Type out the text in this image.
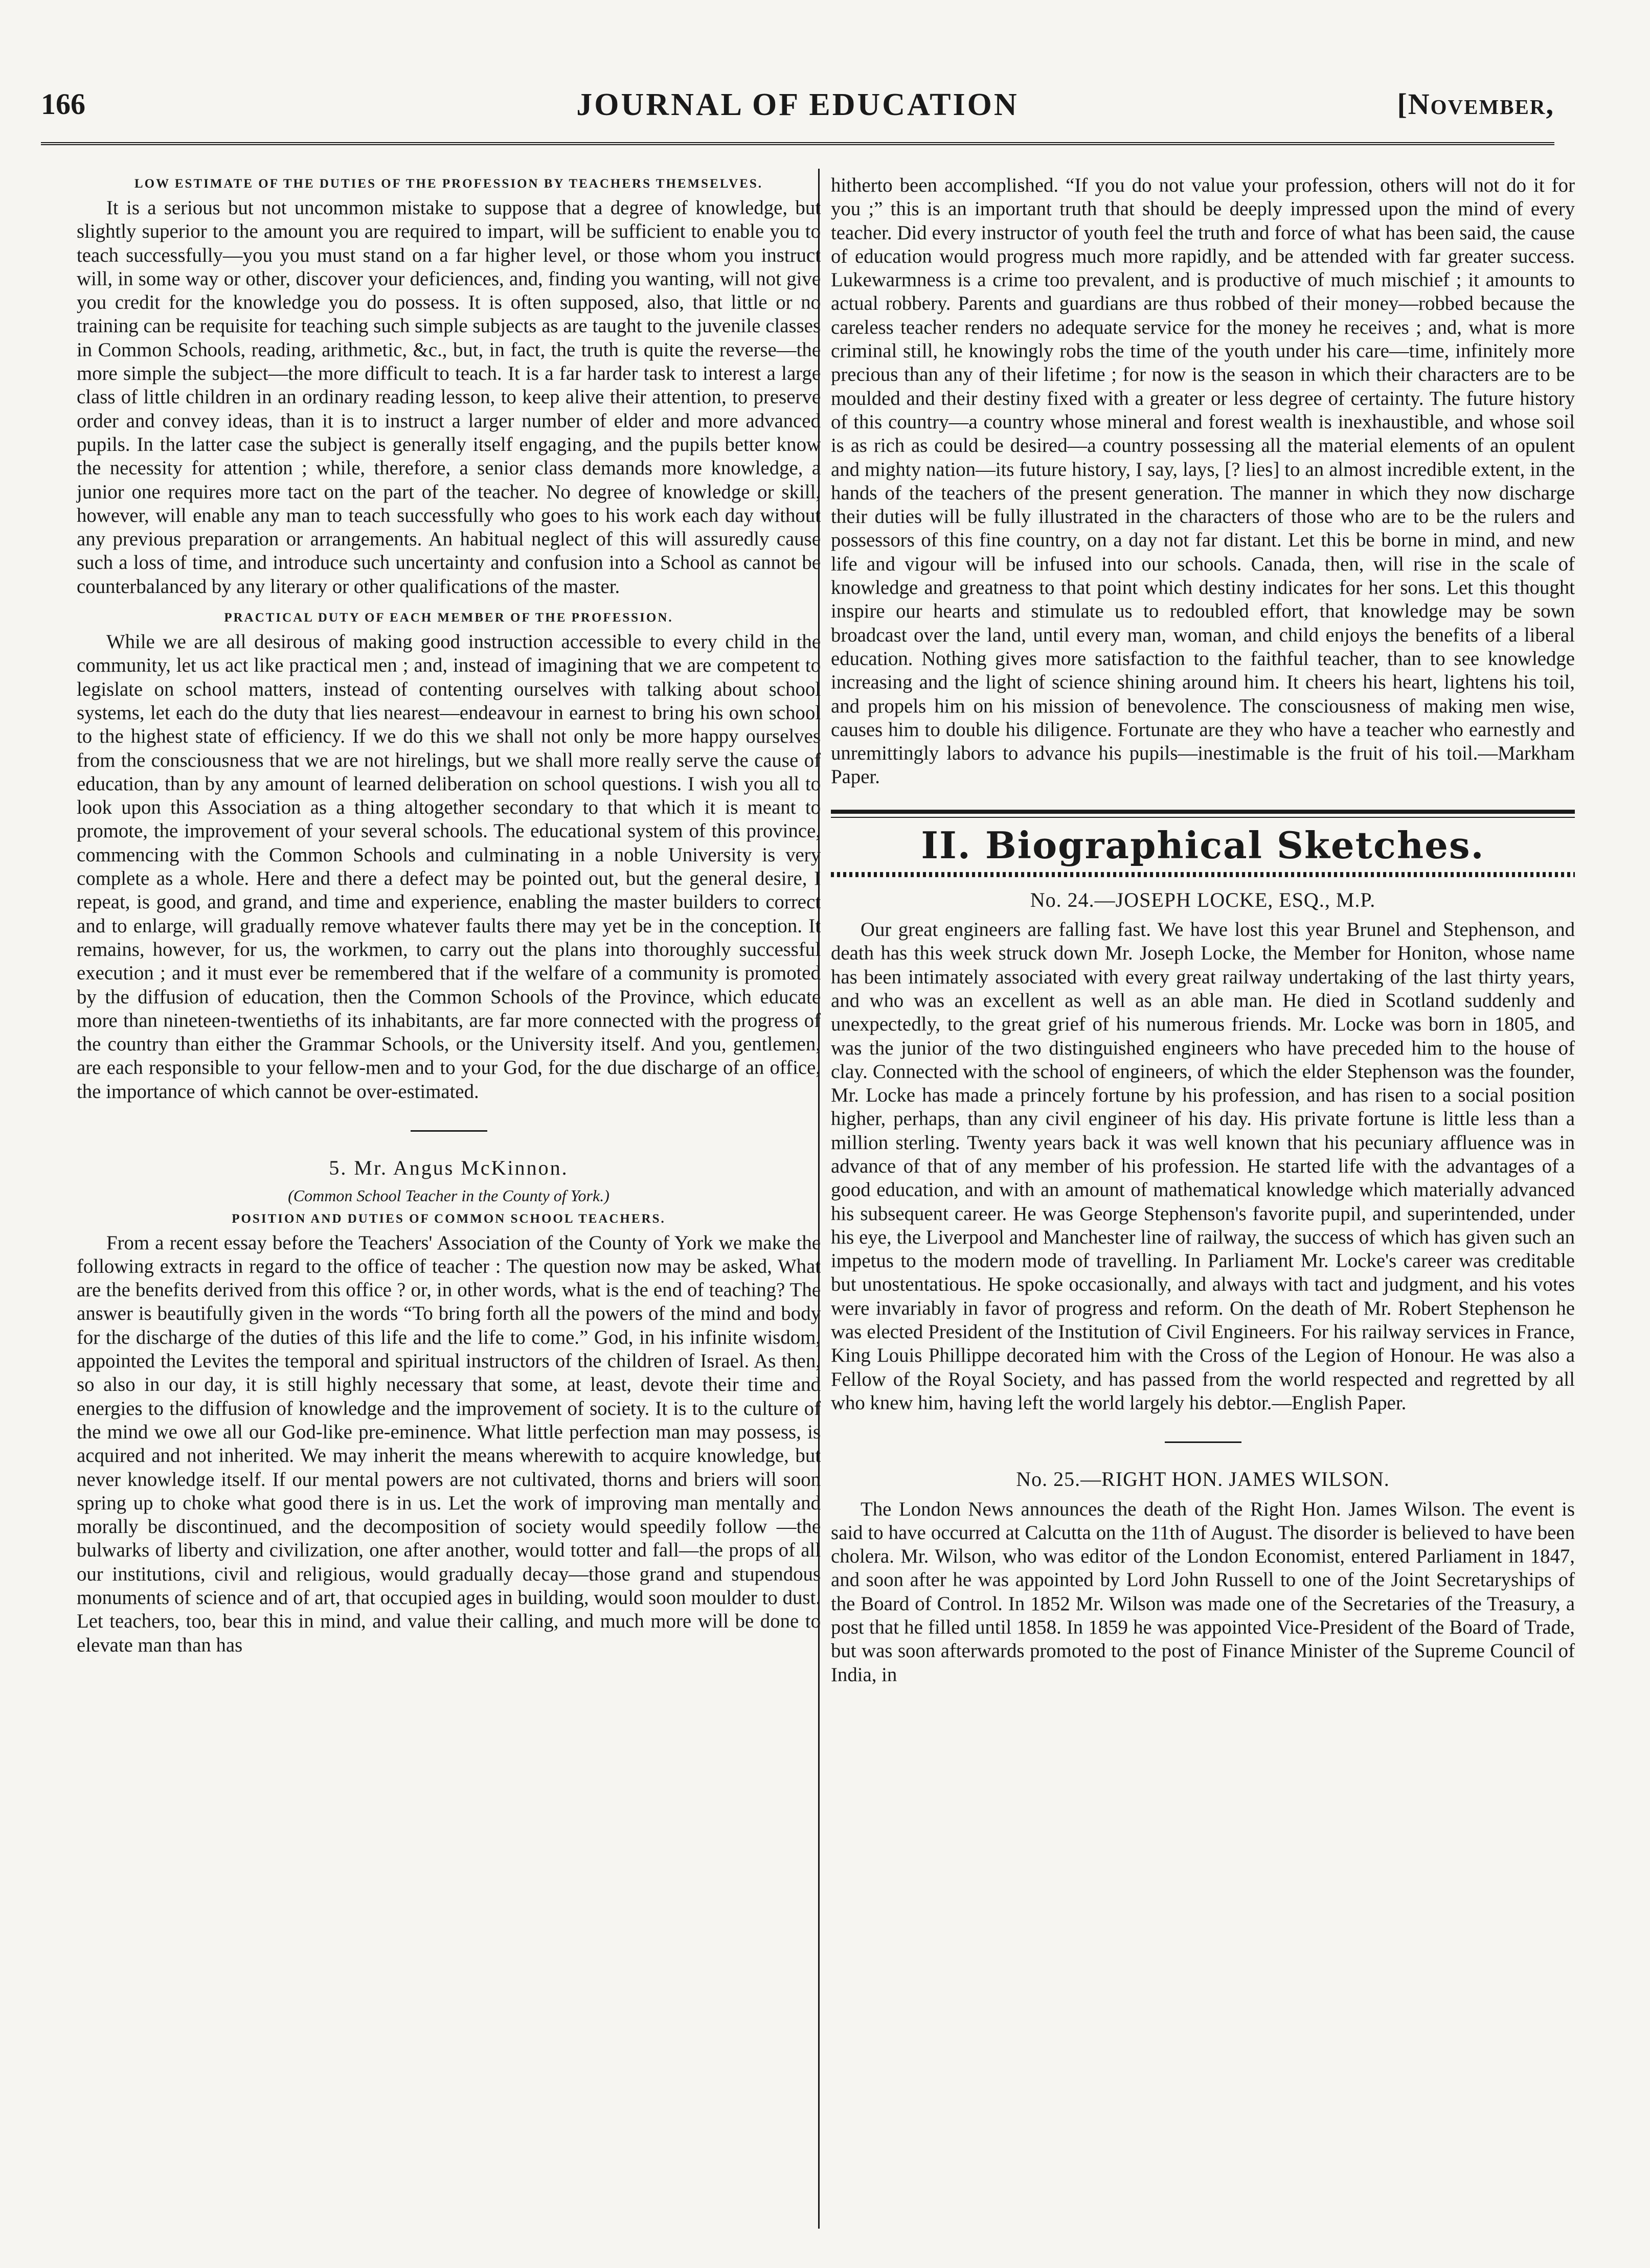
166	JOURNAL OF EDUCATION	[November,
LOW ESTIMATE OF THE DUTIES OF THE PROFESSION BY TEACHERS THEMSELVES.

It is a serious but not uncommon mistake to suppose that a degree of knowledge, but slightly superior to the amount you are required to impart, will be sufficient to enable you to teach successfully—you you must stand on a far higher level, or those whom you instruct will, in some way or other, discover your deficiences, and, finding you wanting, will not give you credit for the knowledge you do possess. It is often supposed, also, that little or no training can be requisite for teaching such simple subjects as are taught to the juvenile classes in Common Schools, reading, arithmetic, &c., but, in fact, the truth is quite the reverse—the more simple the subject—the more difficult to teach. It is a far harder task to interest a large class of little children in an ordinary reading lesson, to keep alive their attention, to preserve order and convey ideas, than it is to instruct a larger number of elder and more advanced pupils. In the latter case the subject is generally itself engaging, and the pupils better know the necessity for attention ; while, therefore, a senior class demands more knowledge, a junior one requires more tact on the part of the teacher. No degree of knowledge or skill, however, will enable any man to teach successfully who goes to his work each day without any previous preparation or arrangements. An habitual neglect of this will assuredly cause such a loss of time, and introduce such uncertainty and confusion into a School as cannot be counterbalanced by any literary or other qualifications of the master.

PRACTICAL DUTY OF EACH MEMBER OF THE PROFESSION.

While we are all desirous of making good instruction accessible to every child in the community, let us act like practical men ; and, instead of imagining that we are competent to legislate on school matters, instead of contenting ourselves with talking about school systems, let each do the duty that lies nearest—endeavour in earnest to bring his own school to the highest state of efficiency. If we do this we shall not only be more happy ourselves from the consciousness that we are not hirelings, but we shall more really serve the cause of education, than by any amount of learned deliberation on school questions. I wish you all to look upon this Association as a thing altogether secondary to that which it is meant to promote, the improvement of your several schools. The educational system of this province, commencing with the Common Schools and culminating in a noble University is very complete as a whole. Here and there a defect may be pointed out, but the general desire, I repeat, is good, and grand, and time and experience, enabling the master builders to correct and to enlarge, will gradually remove whatever faults there may yet be in the conception. It remains, however, for us, the workmen, to carry out the plans into thoroughly successful execution ; and it must ever be remembered that if the welfare of a community is promoted by the diffusion of education, then the Common Schools of the Province, which educate more than nineteen-twentieths of its inhabitants, are far more connected with the progress of the country than either the Grammar Schools, or the University itself. And you, gentlemen, are each responsible to your fellow-men and to your God, for the due discharge of an office, the importance of which cannot be over-estimated.

5. Mr. Angus McKinnon.
(Common School Teacher in the County of York.)
POSITION AND DUTIES OF COMMON SCHOOL TEACHERS.

From a recent essay before the Teachers' Association of the County of York we make the following extracts in regard to the office of teacher : The question now may be asked, What are the benefits derived from this office ? or, in other words, what is the end of teaching? The answer is beautifully given in the words “To bring forth all the powers of the mind and body for the discharge of the duties of this life and the life to come.” God, in his infinite wisdom, appointed the Levites the temporal and spiritual instructors of the children of Israel. As then, so also in our day, it is still highly necessary that some, at least, devote their time and energies to the diffusion of knowledge and the improvement of society. It is to the culture of the mind we owe all our God-like pre-eminence. What little perfection man may possess, is acquired and not inherited. We may inherit the means wherewith to acquire knowledge, but never knowledge itself. If our mental powers are not cultivated, thorns and briers will soon spring up to choke what good there is in us. Let the work of improving man mentally and morally be discontinued, and the decomposition of society would speedily follow —the bulwarks of liberty and civilization, one after another, would totter and fall—the props of all our institutions, civil and religious, would gradually decay—those grand and stupendous monuments of science and of art, that occupied ages in building, would soon moulder to dust. Let teachers, too, bear this in mind, and value their calling, and much more will be done to elevate man than has

hitherto been accomplished. “If you do not value your profession, others will not do it for you ;” this is an important truth that should be deeply impressed upon the mind of every teacher. Did every instructor of youth feel the truth and force of what has been said, the cause of education would progress much more rapidly, and be attended with far greater success. Lukewarmness is a crime too prevalent, and is productive of much mischief ; it amounts to actual robbery. Parents and guardians are thus robbed of their money—robbed because the careless teacher renders no adequate service for the money he receives ; and, what is more criminal still, he knowingly robs the time of the youth under his care—time, infinitely more precious than any of their lifetime ; for now is the season in which their characters are to be moulded and their destiny fixed with a greater or less degree of certainty. The future history of this country—a country whose mineral and forest wealth is inexhaustible, and whose soil is as rich as could be desired—a country possessing all the material elements of an opulent and mighty nation—its future history, I say, lays, [? lies] to an almost incredible extent, in the hands of the teachers of the present generation. The manner in which they now discharge their duties will be fully illustrated in the characters of those who are to be the rulers and possessors of this fine country, on a day not far distant. Let this be borne in mind, and new life and vigour will be infused into our schools. Canada, then, will rise in the scale of knowledge and greatness to that point which destiny indicates for her sons. Let this thought inspire our hearts and stimulate us to redoubled effort, that knowledge may be sown broadcast over the land, until every man, woman, and child enjoys the benefits of a liberal education. Nothing gives more satisfaction to the faithful teacher, than to see knowledge increasing and the light of science shining around him. It cheers his heart, lightens his toil, and propels him on his mission of benevolence. The consciousness of making men wise, causes him to double his diligence. Fortunate are they who have a teacher who earnestly and unremittingly labors to advance his pupils—inestimable is the fruit of his toil.—Markham Paper.

II. Biographical Sketches.
No. 24.—JOSEPH LOCKE, ESQ., M.P.

Our great engineers are falling fast. We have lost this year Brunel and Stephenson, and death has this week struck down Mr. Joseph Locke, the Member for Honiton, whose name has been intimately associated with every great railway undertaking of the last thirty years, and who was an excellent as well as an able man. He died in Scotland suddenly and unexpectedly, to the great grief of his numerous friends. Mr. Locke was born in 1805, and was the junior of the two distinguished engineers who have preceded him to the house of clay. Connected with the school of engineers, of which the elder Stephenson was the founder, Mr. Locke has made a princely fortune by his profession, and has risen to a social position higher, perhaps, than any civil engineer of his day. His private fortune is little less than a million sterling. Twenty years back it was well known that his pecuniary affluence was in advance of that of any member of his profession. He started life with the advantages of a good education, and with an amount of mathematical knowledge which materially advanced his subsequent career. He was George Stephenson's favorite pupil, and superintended, under his eye, the Liverpool and Manchester line of railway, the success of which has given such an impetus to the modern mode of travelling. In Parliament Mr. Locke's career was creditable but unostentatious. He spoke occasionally, and always with tact and judgment, and his votes were invariably in favor of progress and reform. On the death of Mr. Robert Stephenson he was elected President of the Institution of Civil Engineers. For his railway services in France, King Louis Phillippe decorated him with the Cross of the Legion of Honour. He was also a Fellow of the Royal Society, and has passed from the world respected and regretted by all who knew him, having left the world largely his debtor.—English Paper.

No. 25.—RIGHT HON. JAMES WILSON.

The London News announces the death of the Right Hon. James Wilson. The event is said to have occurred at Calcutta on the 11th of August. The disorder is believed to have been cholera. Mr. Wilson, who was editor of the London Economist, entered Parliament in 1847, and soon after he was appointed by Lord John Russell to one of the Joint Secretaryships of the Board of Control. In 1852 Mr. Wilson was made one of the Secretaries of the Treasury, a post that he filled until 1858. In 1859 he was appointed Vice-President of the Board of Trade, but was soon afterwards promoted to the post of Finance Minister of the Supreme Council of India, in
